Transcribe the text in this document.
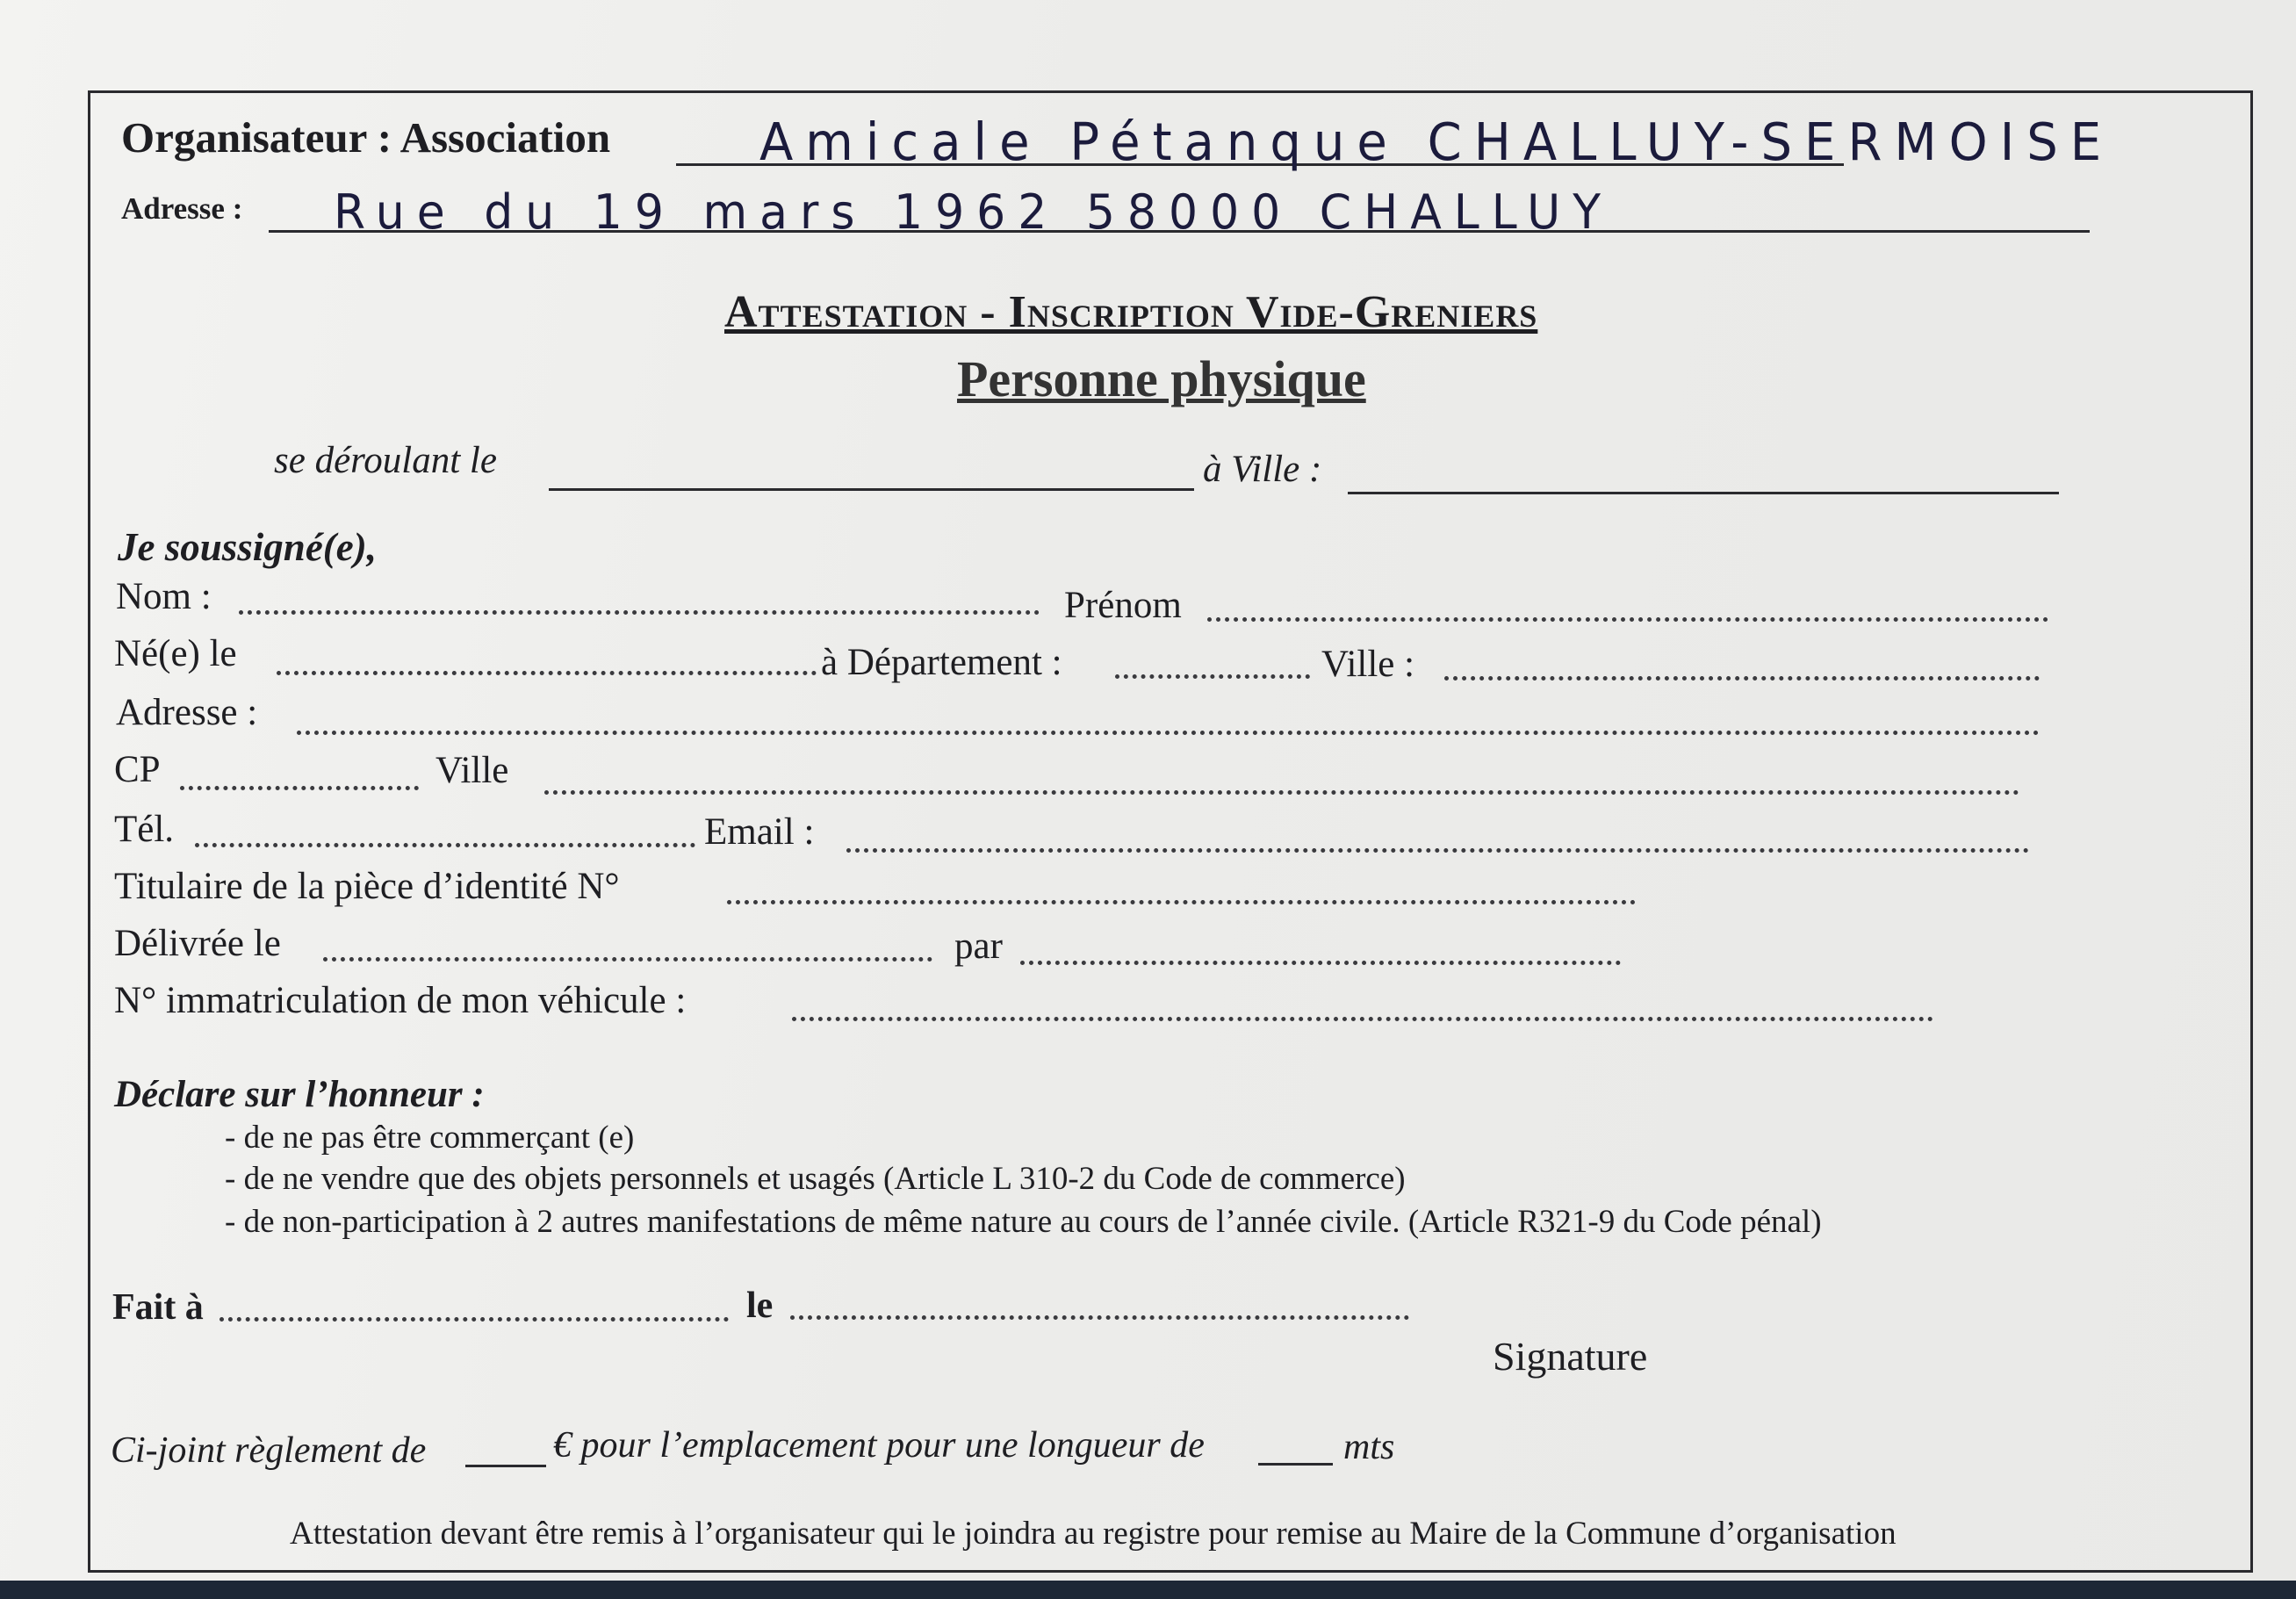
Organisateur : Association	Amicale Pétanque CHALLUY-SERMOISE
Adresse : Rue du 19 mars 1962 58000 CHALLUY
Attestation - Inscription Vide-Greniers
Personne physique
se déroulant le	à Ville :
Je soussigné(e),
Nom :	Prénom
Né(e) le	à Département :	Ville :
Adresse :
CP	Ville
Tél.	Email :
Titulaire de la pièce d’identité N°
Délivrée le	par
N° immatriculation de mon véhicule :
Déclare sur l’honneur :
- de ne pas être commerçant (e)
- de ne vendre que des objets personnels et usagés (Article L 310-2 du Code de commerce)
- de non-participation à 2 autres manifestations de même nature au cours de l’année civile. (Article R321-9 du Code pénal)
Fait à	le
Signature
Ci-joint règlement de	€ pour l’emplacement pour une longueur de	mts
Attestation devant être remis à l’organisateur qui le joindra au registre pour remise au Maire de la Commune d’organisation
